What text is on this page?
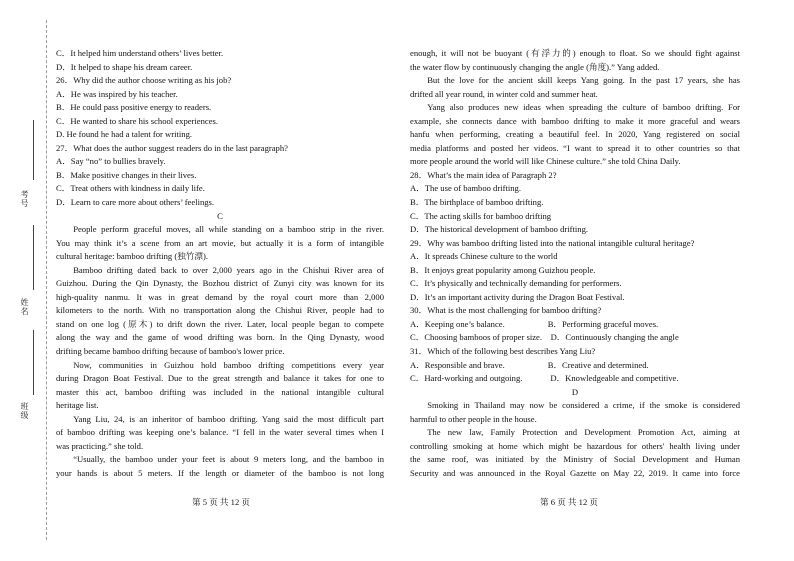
考号
姓名
班级

C．It helped him understand others’ lives better.

D．It helped to shape his dream career.

26．Why did the author choose writing as his job?

A．He was inspired by his teacher.

B．He could pass positive energy to readers.

C．He wanted to share his school experiences.

D. He found he had a talent for writing.

27．What does the author suggest readers do in the last paragraph?

A．Say “no” to bullies bravely.

B．Make positive changes in their lives.

C．Treat others with kindness in daily life.

D．Learn to care more about others’ feelings.

C

People perform graceful moves, all while standing on a bamboo strip in the river.

You may think it’s a scene from an art movie, but actually it is a form of intangible

cultural heritage: bamboo drifting (独竹漂).

Bamboo drifting dated back to over 2,000 years ago in the Chishui River area of

Guizhou. During the Qin Dynasty, the Bozhou district of Zunyi city was known for its

high-quality nanmu. It was in great demand by the royal court more than 2,000

kilometers to the north. With no transportation along the Chishui River, people had to

stand on one log (原木) to drift down the river. Later, local people began to compete

along the way and the game of wood drifting was born. In the Qing Dynasty, wood

drifting became bamboo drifting because of bamboo's lower price.

Now, communities in Guizhou hold bamboo drifting competitions every year

during Dragon Boat Festival. Due to the great strength and balance it takes for one to

master this act, bamboo drifting was included in the national intangible cultural

heritage list.

Yang Liu, 24, is an inheritor of bamboo drifting. Yang said the most difficult part

of bamboo drifting was keeping one’s balance. “I fell in the water several times when I

was practicing.” she told.

“Usually, the bamboo under your feet is about 9 meters long, and the bamboo in

your hands is about 5 meters. If the length or diameter of the bamboo is not long

enough, it will not be buoyant (有浮力的) enough to float. So we should fight against

the water flow by continuously changing the angle (角度).” Yang added.

But the love for the ancient skill keeps Yang going. In the past 17 years, she has

drifted all year round, in winter cold and summer heat.

Yang also produces new ideas when spreading the culture of bamboo drifting. For

example, she connects dance with bamboo drifting to make it more graceful and wears

hanfu when performing, creating a beautiful feel. In 2020, Yang registered on social

media platforms and posted her videos. “I want to spread it to other countries so that

more people around the world will like Chinese culture.” she told China Daily.

28．What’s the main idea of Paragraph 2?

A．The use of bamboo drifting.

B．The birthplace of bamboo drifting.

C．The acting skills for bamboo drifting

D．The historical development of bamboo drifting.

29．Why was bamboo drifting listed into the national intangible cultural heritage?

A．It spreads Chinese culture to the world

B．It enjoys great popularity among Guizhou people.

C．It’s physically and technically demanding for performers.

D．It’s an important activity during the Dragon Boat Festival.

30．What is the most challenging for bamboo drifting?

A．Keeping one’s balance.                    B．Performing graceful moves.

C．Choosing bamboos of proper size.    D．Continuously changing the angle

31．Which of the following best describes Yang Liu?

A．Responsible and brave.                    B．Creative and determined.

C．Hard-working and outgoing.             D．Knowledgeable and competitive.

D

Smoking in Thailand may now be considered a crime, if the smoke is considered

harmful to other people in the house.

The new law, Family Protection and Development Promotion Act, aiming at

controlling smoking at home which might be hazardous for others' health living under

the same roof, was initiated by the Ministry of Social Development and Human

Security and was announced in the Royal Gazette on May 22, 2019. It came into force

第 5 页 共 12 页	第 6 页 共 12 页
